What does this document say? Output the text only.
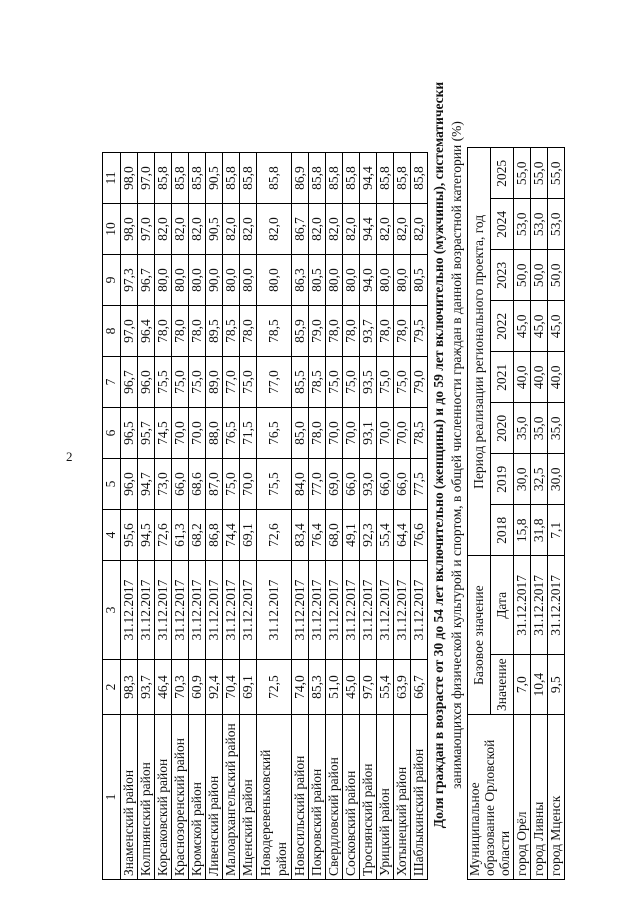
2
1	2	3	4	5	6	7	8	9	10	11
Знаменский район	98,3	31.12.2017	95,6	96,0	96,5	96,7	97,0	97,3	98,0	98,0
Колпнянский район	93,7	31.12.2017	94,5	94,7	95,7	96,0	96,4	96,7	97,0	97,0
Корсаковский район	46,4	31.12.2017	72,6	73,0	74,5	75,5	78,0	80,0	82,0	85,8
Краснозоренский район	70,3	31.12.2017	61,3	66,0	70,0	75,0	78,0	80,0	82,0	85,8
Кромской район	60,9	31.12.2017	68,2	68,6	70,0	75,0	78,0	80,0	82,0	85,8
Ливенский район	92,4	31.12.2017	86,8	87,0	88,0	89,0	89,5	90,0	90,5	90,5
Малоархангельский район	70,4	31.12.2017	74,4	75,0	76,5	77,0	78,5	80,0	82,0	85,8
Мценский район	69,1	31.12.2017	69,1	70,0	71,5	75,0	78,0	80,0	82,0	85,8
Новодеревеньковский район	72,5	31.12.2017	72,6	75,5	76,5	77,0	78,5	80,0	82,0	85,8
Новосильский район	74,0	31.12.2017	83,4	84,0	85,0	85,5	85,9	86,3	86,7	86,9
Покровский район	85,3	31.12.2017	76,4	77,0	78,0	78,5	79,0	80,5	82,0	85,8
Свердловский район	51,0	31.12.2017	68,0	69,0	70,0	75,0	78,0	80,0	82,0	85,8
Сосковский район	45,0	31.12.2017	49,1	66,0	70,0	75,0	78,0	80,0	82,0	85,8
Троснянский район	97,0	31.12.2017	92,3	93,0	93,1	93,5	93,7	94,0	94,4	94,4
Урицкий район	55,4	31.12.2017	55,4	66,0	70,0	75,0	78,0	80,0	82,0	85,8
Хотынецкий район	63,9	31.12.2017	64,4	66,0	70,0	75,0	78,0	80,0	82,0	85,8
Шаблыкинский район	66,7	31.12.2017	76,6	77,5	78,5	79,0	79,5	80,5	82,0	85,8 Доля граждан в возрасте от 30 до 54 лет включительно (женщины) и до 59 лет включительно (мужчины), систематически занимающихся физической культурой и спортом, в общей численности граждан в данной возрастной категории (%)
Муниципальное образование Орловской области	Базовое значение		Период реализации регионального проекта, год							
	Значение	Дата	2018	2019	2020	2021	2022	2023	2024	2025
город Орёл	7,0	31.12.2017	15,8	30,0	35,0	40,0	45,0	50,0	53,0	55,0
город Ливны	10,4	31.12.2017	31,8	32,5	35,0	40,0	45,0	50,0	53,0	55,0
город Мценск	9,5	31.12.2017	7,1	30,0	35,0	40,0	45,0	50,0	53,0	55,0
